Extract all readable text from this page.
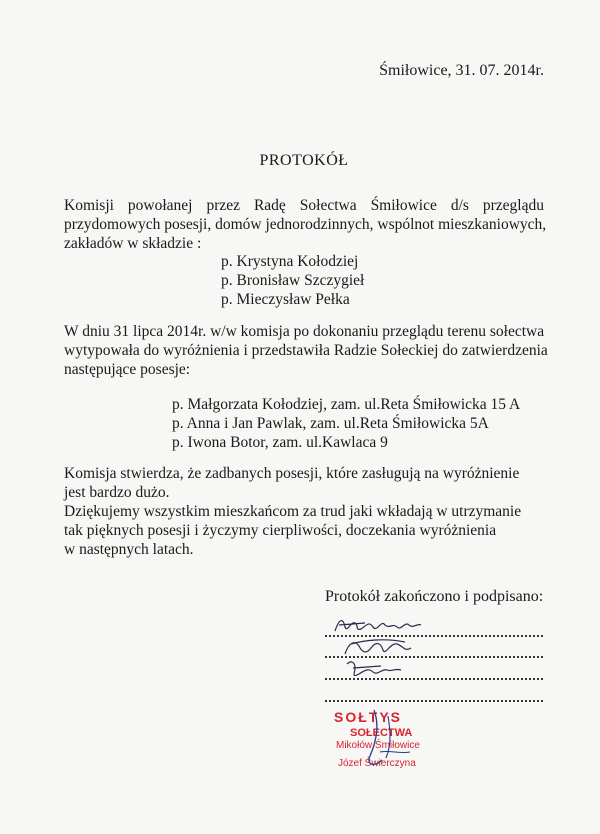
Śmiłowice, 31. 07. 2014r.
PROTOKÓŁ
Komisji powołanej przez Radę Sołectwa Śmiłowice d/s przeglądu
przydomowych posesji, domów jednorodzinnych, wspólnot mieszkaniowych,
zakładów w składzie :
p. Krystyna Kołodziej
p. Bronisław Szczygieł
p. Mieczysław Pełka
W dniu 31 lipca 2014r. w/w komisja po dokonaniu przeglądu terenu sołectwa
wytypowała do wyróżnienia i przedstawiła Radzie Sołeckiej do zatwierdzenia
następujące posesje:
p. Małgorzata Kołodziej, zam. ul.Reta Śmiłowicka 15 A
p. Anna i Jan Pawlak, zam. ul.Reta Śmiłowicka 5A
p. Iwona Botor, zam. ul.Kawlaca 9
Komisja stwierdza, że zadbanych posesji, które zasługują na wyróżnienie
jest bardzo dużo.
Dziękujemy wszystkim mieszkańcom za trud jaki wkładają w utrzymanie
tak pięknych posesji i życzymy cierpliwości, doczekania wyróżnienia
w następnych latach.
Protokół zakończono i podpisano:
SOŁTYS
SOŁECTWA
Mikołów Śmiłowice
Józef Świerczyna
